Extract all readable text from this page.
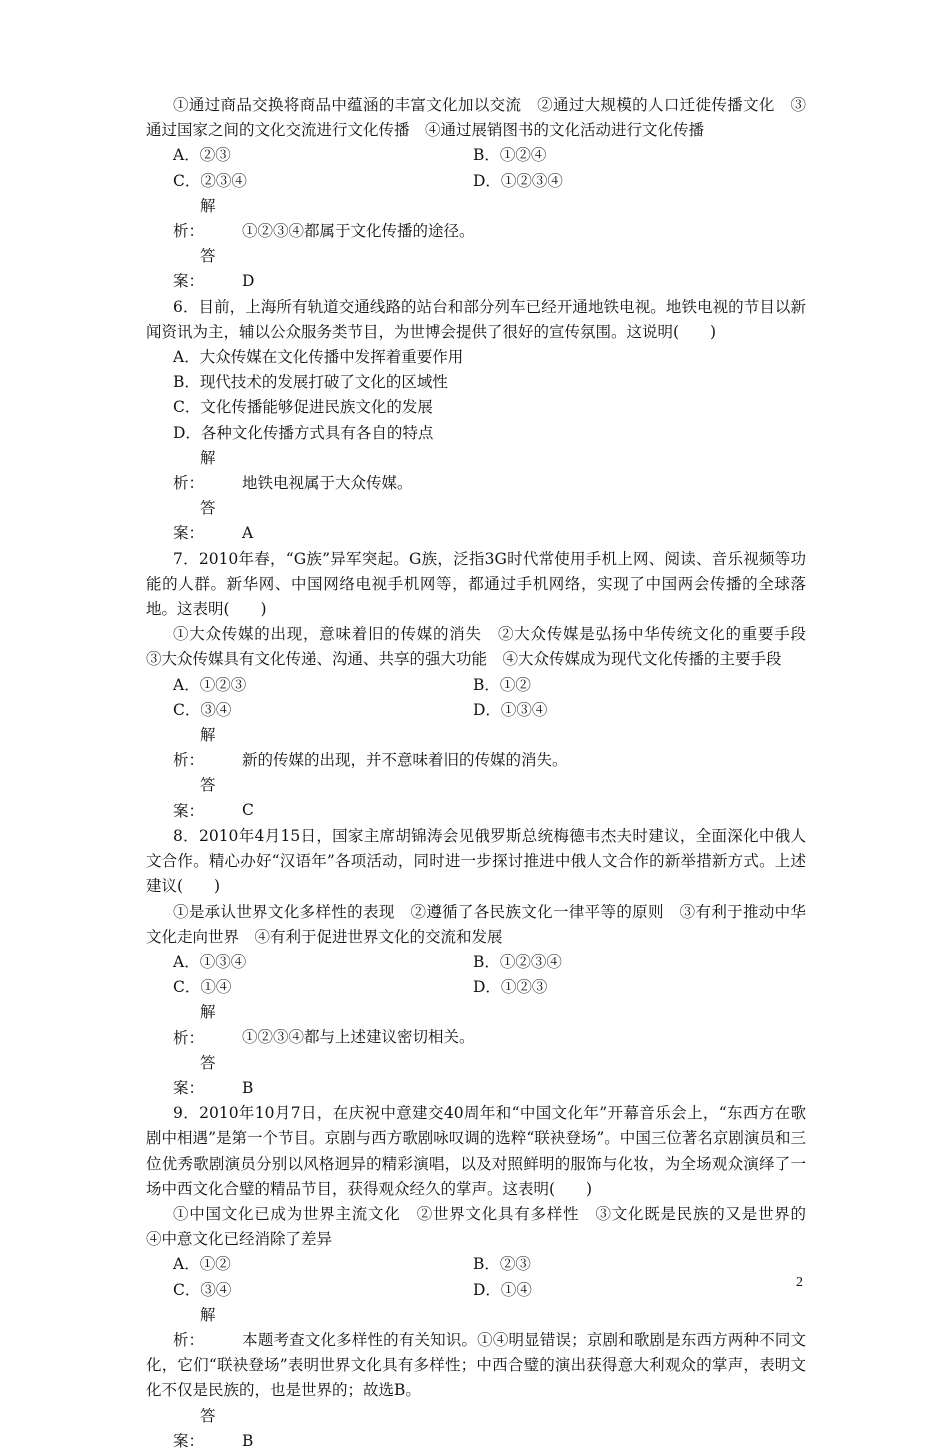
①通过商品交换将商品中蕴涵的丰富文化加以交流　②通过大规模的人口迁徙传播文化　③通过国家之间的文化交流进行文化传播　④通过展销图书的文化活动进行文化传播

A．②③	B．①②④
C．②③④	D．①②③④

解析： ①②③④都属于文化传播的途径。

答案： D

6．目前，上海所有轨道交通线路的站台和部分列车已经开通地铁电视。地铁电视的节目以新闻资讯为主，辅以公众服务类节目，为世博会提供了很好的宣传氛围。这说明(　　)

A．大众传媒在文化传播中发挥着重要作用

B．现代技术的发展打破了文化的区域性

C．文化传播能够促进民族文化的发展

D．各种文化传播方式具有各自的特点

解析： 地铁电视属于大众传媒。

答案： A

7．2010年春，“G族”异军突起。G族，泛指3G时代常使用手机上网、阅读、音乐视频等功能的人群。新华网、中国网络电视手机网等，都通过手机网络，实现了中国两会传播的全球落地。这表明(　　)

①大众传媒的出现，意味着旧的传媒的消失　②大众传媒是弘扬中华传统文化的重要手段　③大众传媒具有文化传递、沟通、共享的强大功能　④大众传媒成为现代文化传播的主要手段

A．①②③	B．①②
C．③④	D．①③④

解析： 新的传媒的出现，并不意味着旧的传媒的消失。

答案： C

8．2010年4月15日，国家主席胡锦涛会见俄罗斯总统梅德韦杰夫时建议，全面深化中俄人文合作。精心办好“汉语年”各项活动，同时进一步探讨推进中俄人文合作的新举措新方式。上述建议(　　)

①是承认世界文化多样性的表现　②遵循了各民族文化一律平等的原则　③有利于推动中华文化走向世界　④有利于促进世界文化的交流和发展

A．①③④	B．①②③④
C．①④	D．①②③

解析： ①②③④都与上述建议密切相关。

答案： B

9．2010年10月7日，在庆祝中意建交40周年和“中国文化年”开幕音乐会上，“东西方在歌剧中相遇”是第一个节目。京剧与西方歌剧咏叹调的选粹“联袂登场”。中国三位著名京剧演员和三位优秀歌剧演员分别以风格迥异的精彩演唱，以及对照鲜明的服饰与化妆，为全场观众演绎了一场中西文化合璧的精品节目，获得观众经久的掌声。这表明(　　)

①中国文化已成为世界主流文化　②世界文化具有多样性　③文化既是民族的又是世界的　④中意文化已经消除了差异

A．①②	B．②③
C．③④	D．①④

解析： 本题考查文化多样性的有关知识。①④明显错误；京剧和歌剧是东西方两种不同文化，它们“联袂登场”表明世界文化具有多样性；中西合璧的演出获得意大利观众的掌声，表明文化不仅是民族的，也是世界的；故选B。

答案： B

2
